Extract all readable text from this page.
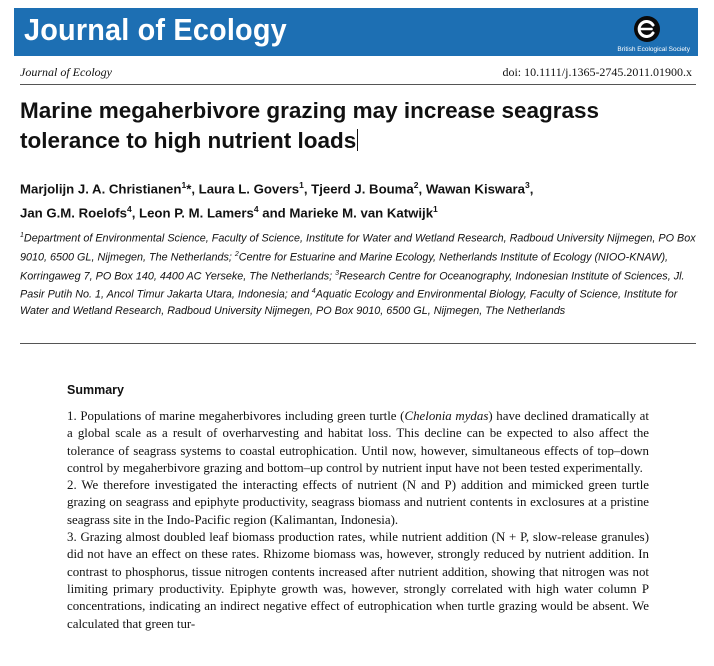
Journal of Ecology
British Ecological Society
Journal of Ecology	doi: 10.1111/j.1365-2745.2011.01900.x
Marine megaherbivore grazing may increase seagrass tolerance to high nutrient loads
Marjolijn J. A. Christianen$^1$*, Laura L. Govers$^1$, Tjeerd J. Bouma$^2$, Wawan Kiswara$^3$,
Jan G.M. Roelofs$^4$, Leon P. M. Lamers$^4$ and Marieke M. van Katwijk$^1$
$^1$Department of Environmental Science, Faculty of Science, Institute for Water and Wetland Research, Radboud University Nijmegen, PO Box 9010, 6500 GL, Nijmegen, The Netherlands; $^2$Centre for Estuarine and Marine Ecology, Netherlands Institute of Ecology (NIOO-KNAW), Korringaweg 7, PO Box 140, 4400 AC Yerseke, The Netherlands; $^3$Research Centre for Oceanography, Indonesian Institute of Sciences, Jl. Pasir Putih No. 1, Ancol Timur Jakarta Utara, Indonesia; and $^4$Aquatic Ecology and Environmental Biology, Faculty of Science, Institute for Water and Wetland Research, Radboud University Nijmegen, PO Box 9010, 6500 GL, Nijmegen, The Netherlands
Summary

1. Populations of marine megaherbivores including green turtle (Chelonia mydas) have declined dramatically at a global scale as a result of overharvesting and habitat loss. This decline can be expected to also affect the tolerance of seagrass systems to coastal eutrophication. Until now, however, simultaneous effects of top–down control by megaherbivore grazing and bottom–up control by nutrient input have not been tested experimentally.

2. We therefore investigated the interacting effects of nutrient (N and P) addition and mimicked green turtle grazing on seagrass and epiphyte productivity, seagrass biomass and nutrient contents in exclosures at a pristine seagrass site in the Indo-Pacific region (Kalimantan, Indonesia).

3. Grazing almost doubled leaf biomass production rates, while nutrient addition (N + P, slow-release granules) did not have an effect on these rates. Rhizome biomass was, however, strongly reduced by nutrient addition. In contrast to phosphorus, tissue nitrogen contents increased after nutrient addition, showing that nitrogen was not limiting primary productivity. Epiphyte growth was, however, strongly correlated with high water column P concentrations, indicating an indirect negative effect of eutrophication when turtle grazing would be absent. We calculated that green tur-
